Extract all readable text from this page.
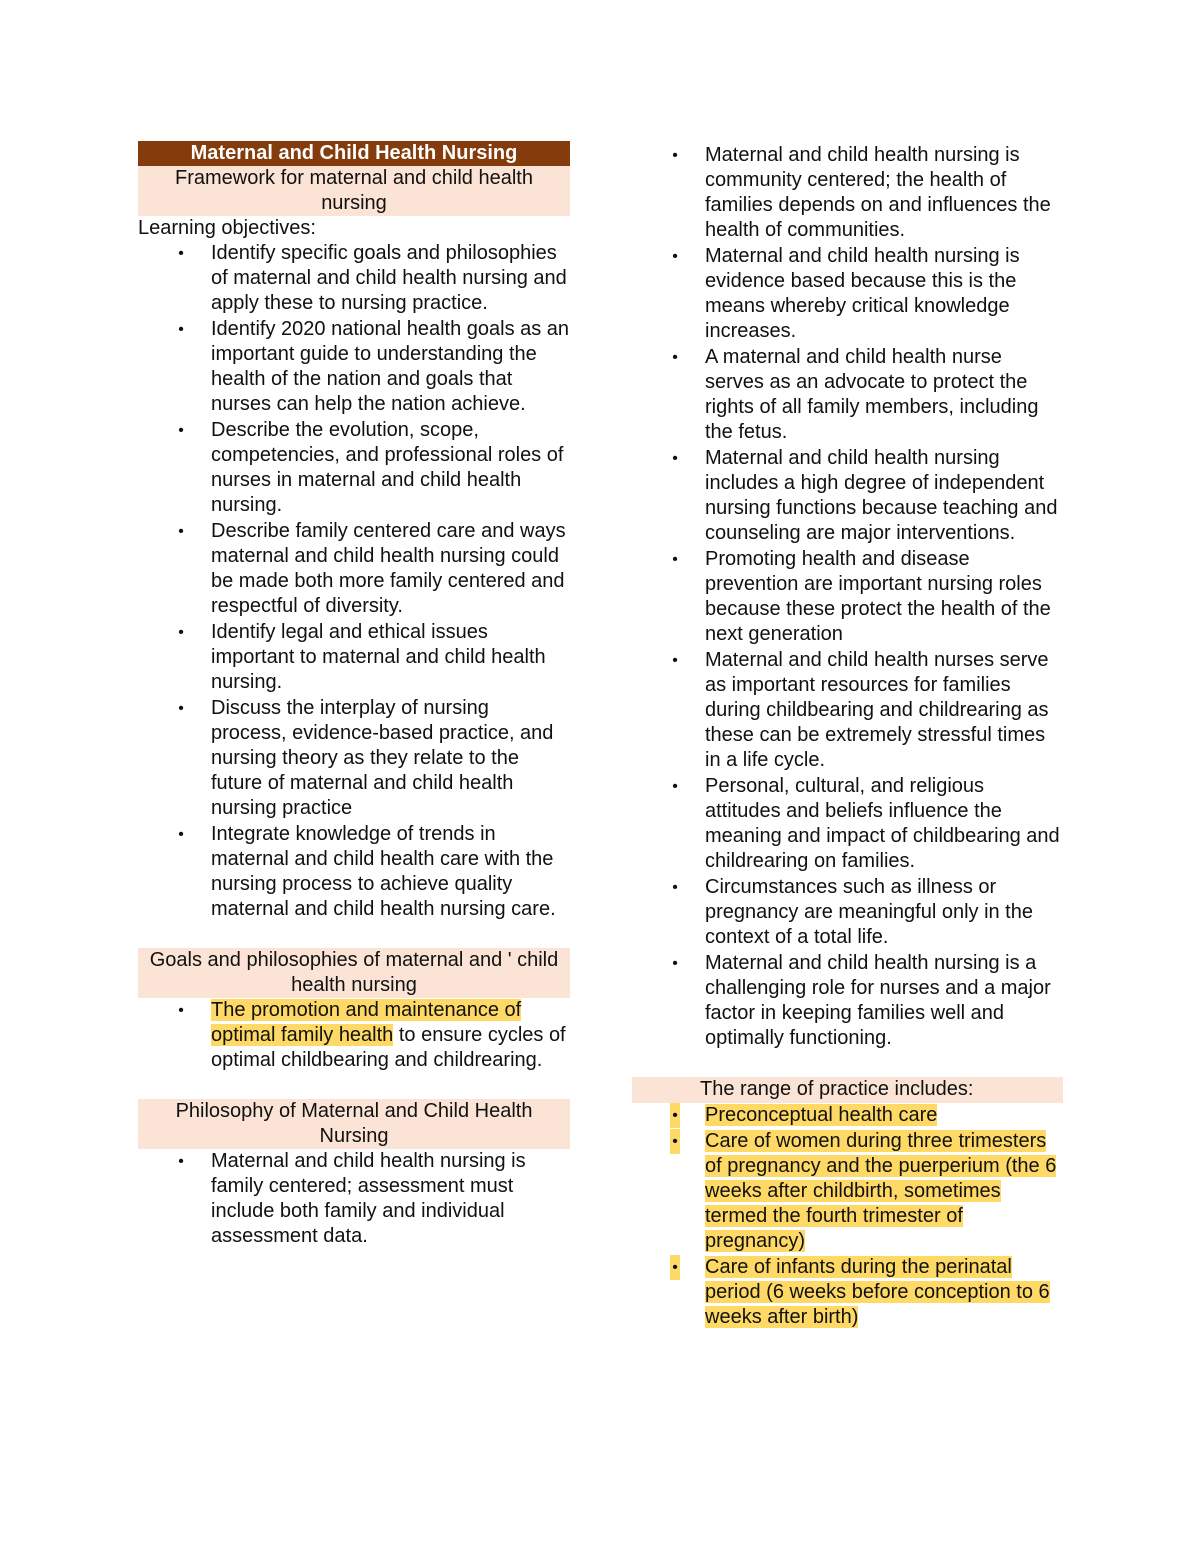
Maternal and Child Health Nursing
Framework for maternal and child health nursing

Learning objectives:

• Identify specific goals and philosophies of maternal and child health nursing and apply these to nursing practice.
• Identify 2020 national health goals as an important guide to understanding the health of the nation and goals that nurses can help the nation achieve.
• Describe the evolution, scope, competencies, and professional roles of nurses in maternal and child health nursing.
• Describe family centered care and ways maternal and child health nursing could be made both more family centered and respectful of diversity.
• Identify legal and ethical issues important to maternal and child health nursing.
• Discuss the interplay of nursing process, evidence-based practice, and nursing theory as they relate to the future of maternal and child health nursing practice
• Integrate knowledge of trends in maternal and child health care with the nursing process to achieve quality maternal and child health nursing care.
Goals and philosophies of maternal and ' child health nursing
• The promotion and maintenance of optimal family health to ensure cycles of optimal childbearing and childrearing.
Philosophy of Maternal and Child Health Nursing
• Maternal and child health nursing is family centered; assessment must include both family and individual assessment data.
• Maternal and child health nursing is community centered; the health of families depends on and influences the health of communities.
• Maternal and child health nursing is evidence based because this is the means whereby critical knowledge increases.
• A maternal and child health nurse serves as an advocate to protect the rights of all family members, including the fetus.
• Maternal and child health nursing includes a high degree of independent nursing functions because teaching and counseling are major interventions.
• Promoting health and disease prevention are important nursing roles because these protect the health of the next generation
• Maternal and child health nurses serve as important resources for families during childbearing and childrearing as these can be extremely stressful times in a life cycle.
• Personal, cultural, and religious attitudes and beliefs influence the meaning and impact of childbearing and childrearing on families.
• Circumstances such as illness or pregnancy are meaningful only in the context of a total life.
• Maternal and child health nursing is a challenging role for nurses and a major factor in keeping families well and optimally functioning.
The range of practice includes:
• Preconceptual health care
• Care of women during three trimesters of pregnancy and the puerperium (the 6 weeks after childbirth, sometimes termed the fourth trimester of pregnancy)
• Care of infants during the perinatal period (6 weeks before conception to 6 weeks after birth)
